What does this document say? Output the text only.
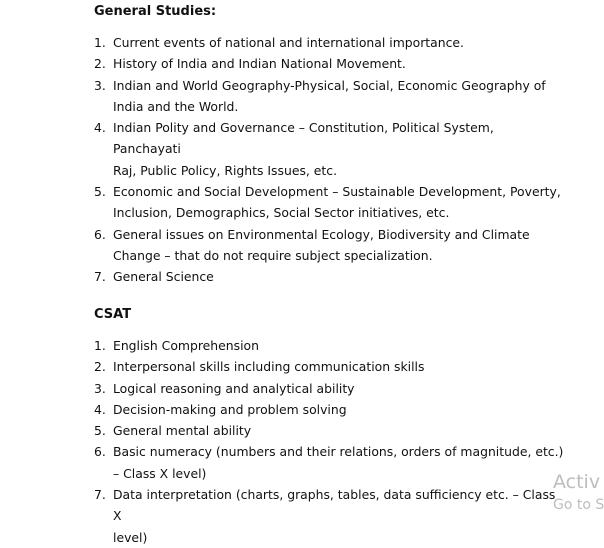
General Studies:
1. Current events of national and international importance.
2. History of India and Indian National Movement.
3. Indian and World Geography-Physical, Social, Economic Geography of
India and the World.
4. Indian Polity and Governance – Constitution, Political System, Panchayati
Raj, Public Policy, Rights Issues, etc.
5. Economic and Social Development – Sustainable Development, Poverty,
Inclusion, Demographics, Social Sector initiatives, etc.
6. General issues on Environmental Ecology, Biodiversity and Climate
Change – that do not require subject specialization.
7. General Science
CSAT
1. English Comprehension
2. Interpersonal skills including communication skills
3. Logical reasoning and analytical ability
4. Decision-making and problem solving
5. General mental ability
6. Basic numeracy (numbers and their relations, orders of magnitude, etc.)
– Class X level)
7. Data interpretation (charts, graphs, tables, data sufficiency etc. – Class X
level)
Activ
Go to S
